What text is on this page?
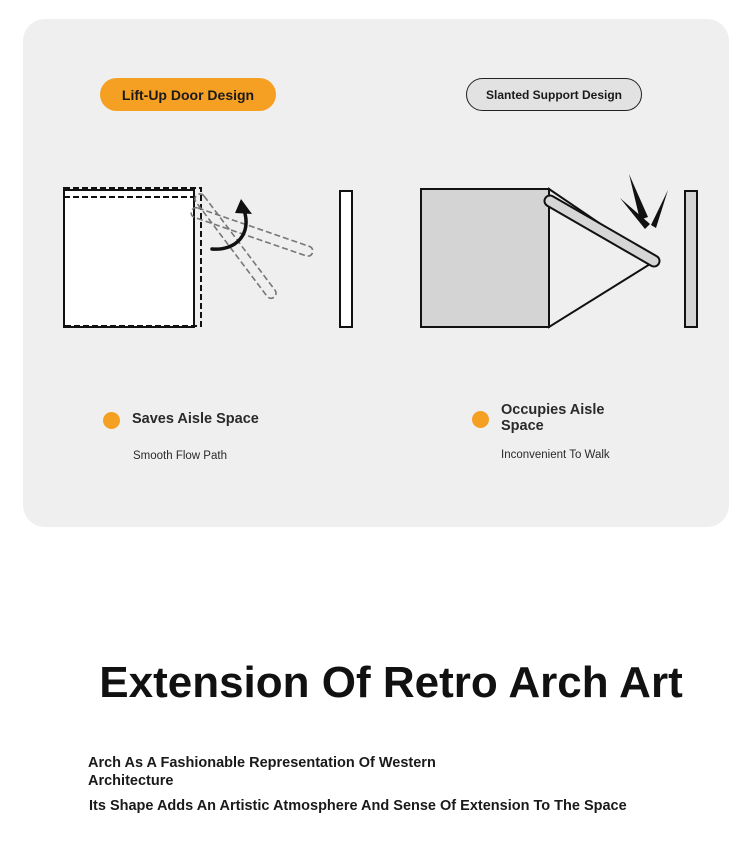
Lift-Up Door Design	Slanted Support Design
Saves Aisle Space
Smooth Flow Path
Occupies Aisle Space
Inconvenient To Walk
Extension Of Retro Arch Art
Arch As A Fashionable Representation Of Western Architecture
Its Shape Adds An Artistic Atmosphere And Sense Of Extension To The Space
